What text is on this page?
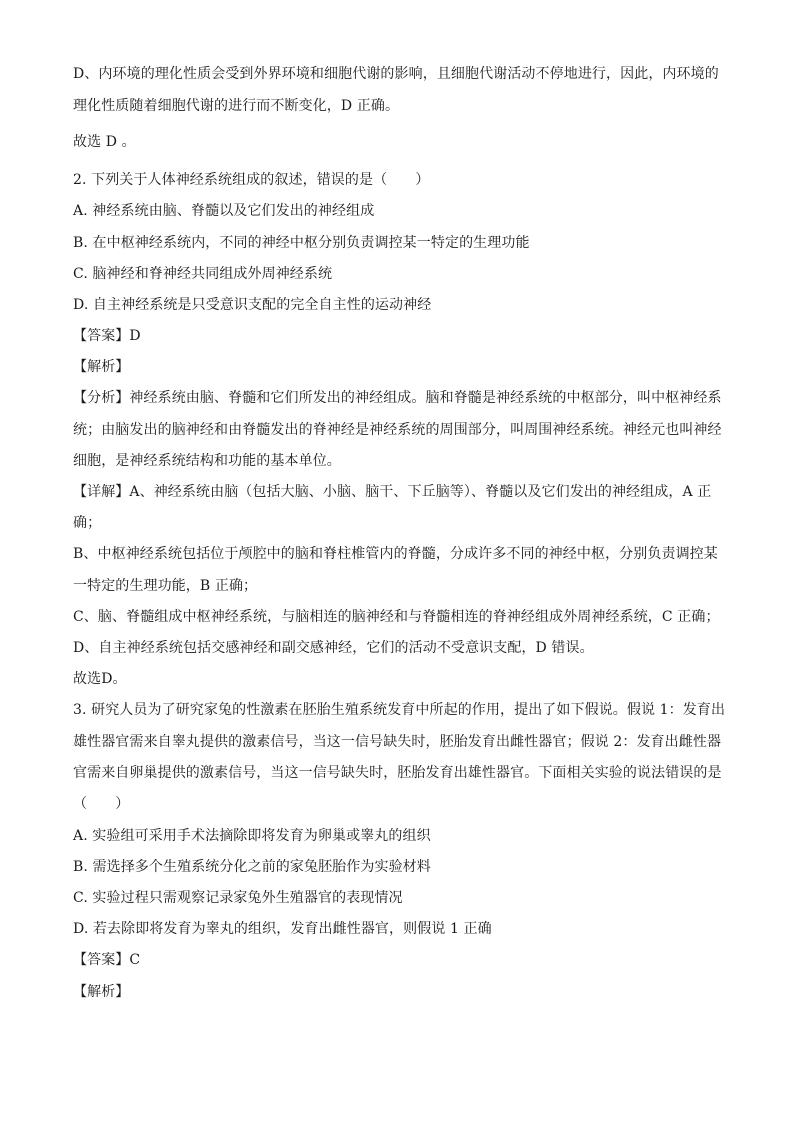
D、内环境的理化性质会受到外界环境和细胞代谢的影响，且细胞代谢活动不停地进行，因此，内环境的
理化性质随着细胞代谢的进行而不断变化，D 正确。
故选 D 。
2. 下列关于人体神经系统组成的叙述，错误的是（　　）
A. 神经系统由脑、脊髓以及它们发出的神经组成
B. 在中枢神经系统内，不同的神经中枢分别负责调控某一特定的生理功能
C. 脑神经和脊神经共同组成外周神经系统
D. 自主神经系统是只受意识支配的完全自主性的运动神经
【答案】D
【解析】
【分析】神经系统由脑、脊髓和它们所发出的神经组成。脑和脊髓是神经系统的中枢部分，叫中枢神经系
统；由脑发出的脑神经和由脊髓发出的脊神经是神经系统的周围部分，叫周围神经系统。神经元也叫神经
细胞，是神经系统结构和功能的基本单位。
【详解】A、神经系统由脑（包括大脑、小脑、脑干、下丘脑等）、脊髓以及它们发出的神经组成，A 正
确；
B、中枢神经系统包括位于颅腔中的脑和脊柱椎管内的脊髓，分成许多不同的神经中枢，分别负责调控某
一特定的生理功能，B 正确；
C、脑、脊髓组成中枢神经系统，与脑相连的脑神经和与脊髓相连的脊神经组成外周神经系统，C 正确；
D、自主神经系统包括交感神经和副交感神经，它们的活动不受意识支配，D 错误。
故选D。
3. 研究人员为了研究家兔的性激素在胚胎生殖系统发育中所起的作用，提出了如下假说。假说 1：发育出
雄性器官需来自睾丸提供的激素信号，当这一信号缺失时，胚胎发育出雌性器官；假说 2：发育出雌性器
官需来自卵巢提供的激素信号，当这一信号缺失时，胚胎发育出雄性器官。下面相关实验的说法错误的是
（　　）
A. 实验组可采用手术法摘除即将发育为卵巢或睾丸的组织
B. 需选择多个生殖系统分化之前的家兔胚胎作为实验材料
C. 实验过程只需观察记录家兔外生殖器官的表现情况
D. 若去除即将发育为睾丸的组织，发育出雌性器官，则假说 1 正确
【答案】C
【解析】
